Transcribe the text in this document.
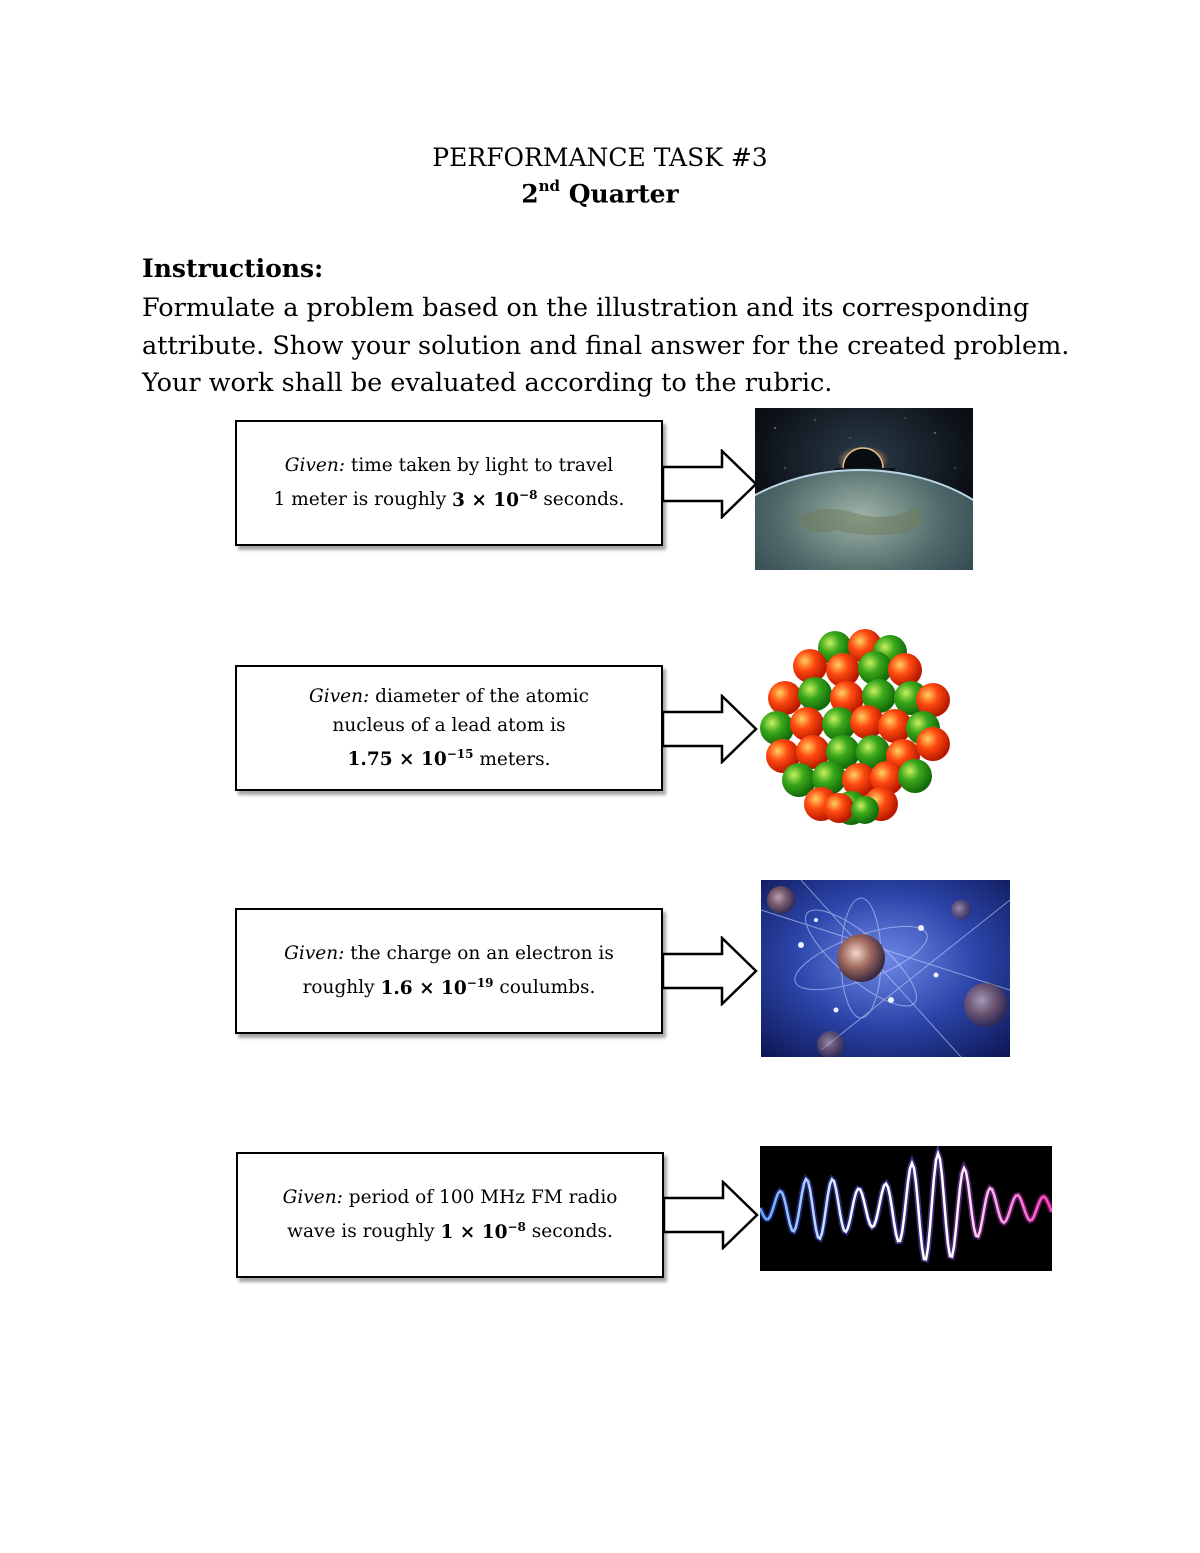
PERFORMANCE TASK #3
2nd Quarter
Instructions:
Formulate a problem based on the illustration and its corresponding attribute. Show your solution and final answer for the created problem. Your work shall be evaluated according to the rubric.
Given: time taken by light to travel
1 meter is roughly $3 \times 10^{-8}$ seconds.
Given: diameter of the atomic
nucleus of a lead atom is
$1.75 \times 10^{-15}$ meters.
Given: the charge on an electron is
roughly $1.6 \times 10^{-19}$ coulumbs.
Given: period of 100 MHz FM radio
wave is roughly $1 \times 10^{-8}$ seconds.
